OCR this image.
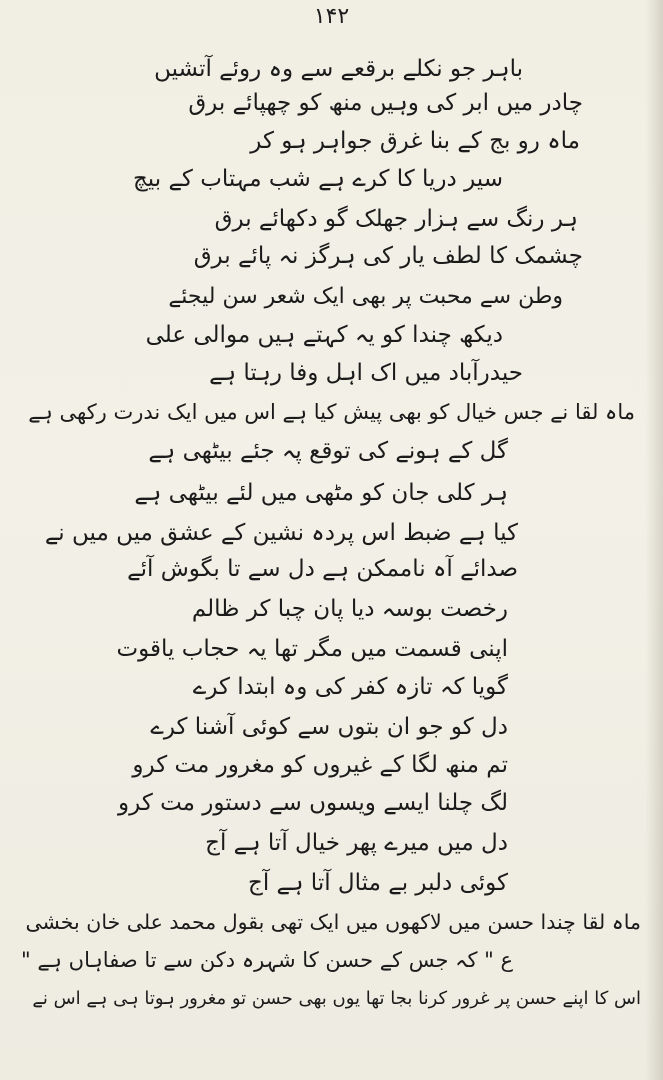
۱۴۲
باہر جو نکلے برقعے سے وہ روئے آتشیں
چادر میں ابر کی وہیں منھ کو چھپائے برق
ماہ رو بج کے بنا غرق جواہر ہو کر
سیر دریا کا کرے ہے شب مہتاب کے بیچ
ہر رنگ سے ہزار جھلک گو دکھائے برق
چشمک کا لطف یار کی ہرگز نہ پائے برق
وطن سے محبت پر بھی ایک شعر سن لیجئے
دیکھ چندا کو یہ کہتے ہیں موالی علی
حیدرآباد میں اک اہل وفا رہتا ہے
ماہ لقا نے جس خیال کو بھی پیش کیا ہے اس میں ایک ندرت رکھی ہے
گل کے ہونے کی توقع پہ جئے بیٹھی ہے
ہر کلی جان کو مٹھی میں لئے بیٹھی ہے
کیا ہے ضبط اس پردہ نشین کے عشق میں میں نے
صدائے آہ ناممکن ہے دل سے تا بگوش آئے
رخصت بوسہ دیا پان چبا کر ظالم
اپنی قسمت میں مگر تھا یہ حجاب یاقوت
گویا کہ تازہ کفر کی وہ ابتدا کرے
دل کو جو ان بتوں سے کوئی آشنا کرے
تم منھ لگا کے غیروں کو مغرور مت کرو
لگ چلنا ایسے ویسوں سے دستور مت کرو
دل میں میرے پھر خیال آتا ہے آج
کوئی دلبر بے مثال آتا ہے آج
ماہ لقا چندا حسن میں لاکھوں میں ایک تھی بقول محمد علی خان بخشی
ع " کہ جس کے حسن کا شہرہ دکن سے تا صفاہاں ہے "
اس کا اپنے حسن پر غرور کرنا بجا تھا یوں بھی حسن تو مغرور ہوتا ہی ہے اس نے
